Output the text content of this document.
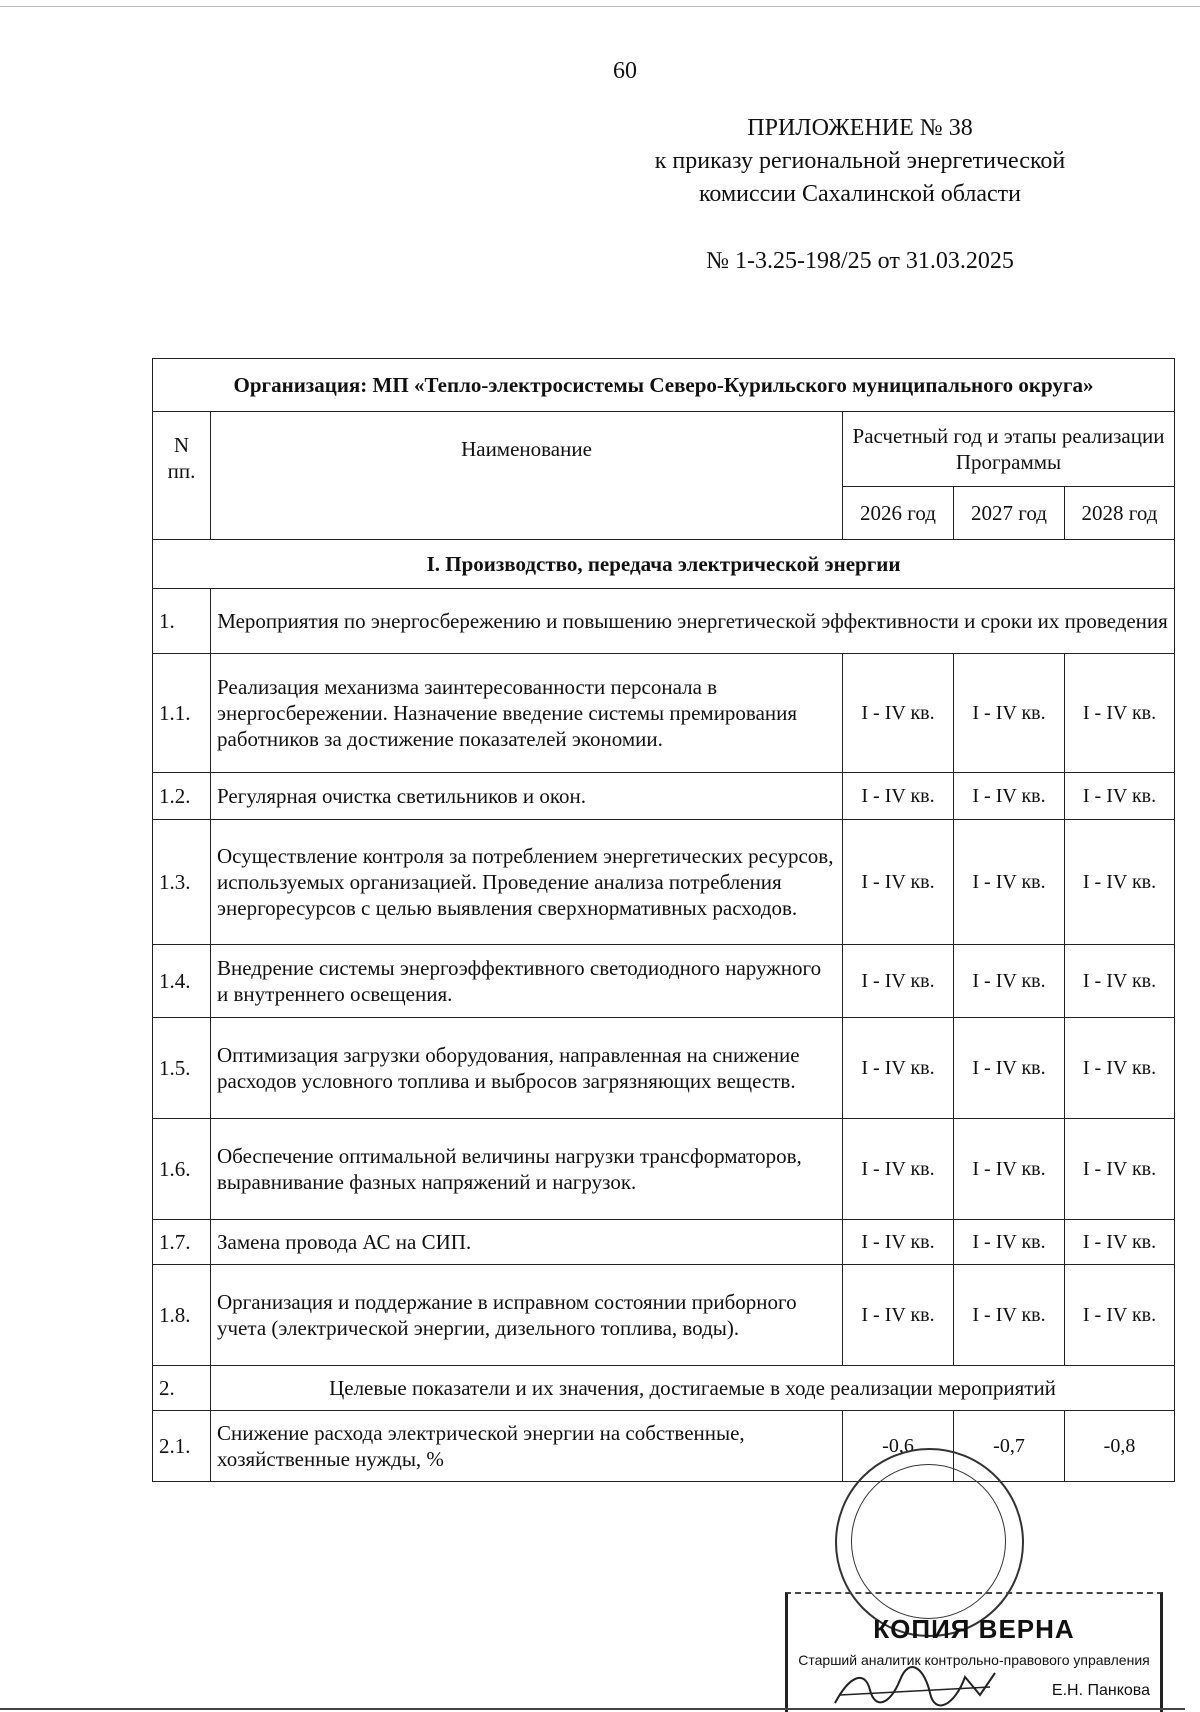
60
ПРИЛОЖЕНИЕ № 38
к приказу региональной энергетической
комиссии Сахалинской области
№ 1-3.25-198/25 от 31.03.2025
Организация: МП «Тепло-электросистемы Северо-Курильского муниципального округа»				
N пп.	Наименование	Расчетный год и этапы реализации Программы		
		2026 год	2027 год	2028 год
I. Производство, передача электрической энергии				
1.	Мероприятия по энергосбережению и повышению энергетической эффективности и сроки их проведения			
1.1.	Реализация механизма заинтересованности персонала в энергосбережении. Назначение введение системы премирования работников за достижение показателей экономии.	I - IV кв.	I - IV кв.	I - IV кв.
1.2.	Регулярная очистка светильников и окон.	I - IV кв.	I - IV кв.	I - IV кв.
1.3.	Осуществление контроля за потреблением энергетических ресурсов, используемых организацией. Проведение анализа потребления энергоресурсов с целью выявления сверхнормативных расходов.	I - IV кв.	I - IV кв.	I - IV кв.
1.4.	Внедрение системы энергоэффективного светодиодного наружного и внутреннего освещения.	I - IV кв.	I - IV кв.	I - IV кв.
1.5.	Оптимизация загрузки оборудования, направленная на снижение расходов условного топлива и выбросов загрязняющих веществ.	I - IV кв.	I - IV кв.	I - IV кв.
1.6.	Обеспечение оптимальной величины нагрузки трансформаторов, выравнивание фазных напряжений и нагрузок.	I - IV кв.	I - IV кв.	I - IV кв.
1.7.	Замена провода АС на СИП.	I - IV кв.	I - IV кв.	I - IV кв.
1.8.	Организация и поддержание в исправном состоянии приборного учета (электрической энергии, дизельного топлива, воды).	I - IV кв.	I - IV кв.	I - IV кв.
2.	Целевые показатели и их значения, достигаемые в ходе реализации мероприятий			
2.1.	Снижение расхода электрической энергии на собственные, хозяйственные нужды, %	-0,6	-0,7	-0,8
КОПИЯ ВЕРНА
Старший аналитик контрольно-правового управления
Е.Н. Панкова
